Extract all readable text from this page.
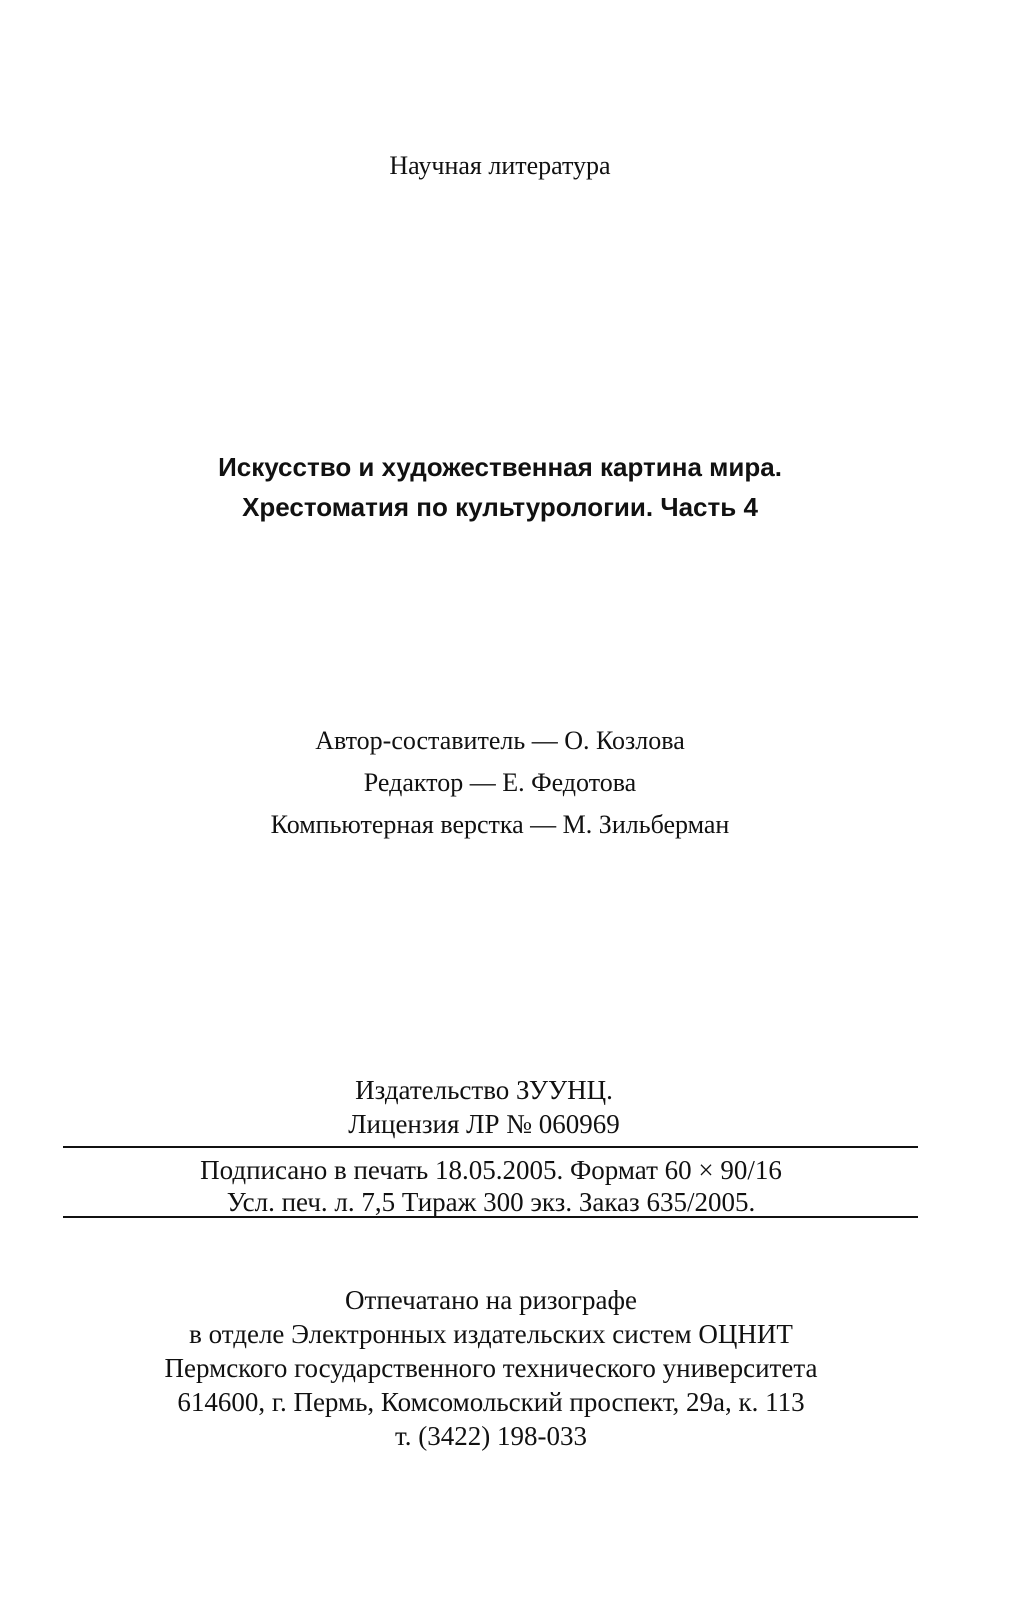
Научная литература
Искусство и художественная картина мира.
Хрестоматия по культурологии. Часть 4
Автор-составитель — О. Козлова
Редактор — Е. Федотова
Компьютерная верстка — М. Зильберман
Издательство ЗУУНЦ.
Лицензия ЛР № 060969
Подписано в печать 18.05.2005. Формат 60 × 90/16
Усл. печ. л. 7,5 Тираж 300 экз. Заказ 635/2005.
Отпечатано на ризографе
в отделе Электронных издательских систем ОЦНИТ
Пермского государственного технического университета
614600, г. Пермь, Комсомольский проспект, 29а, к. 113
т. (3422) 198-033
